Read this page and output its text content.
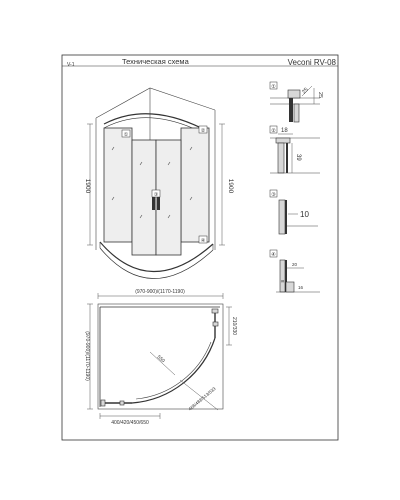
V-1	Техническая схема	Veconi RV-08
1900	1900
①
②
③
④
(970-900)/(1170-1190)
(970-900)/(1170-1190)
400/420/450/650
210/330
550
468/488/513/533
①	25 25
② 18
39
③
10
④
20
16
8
